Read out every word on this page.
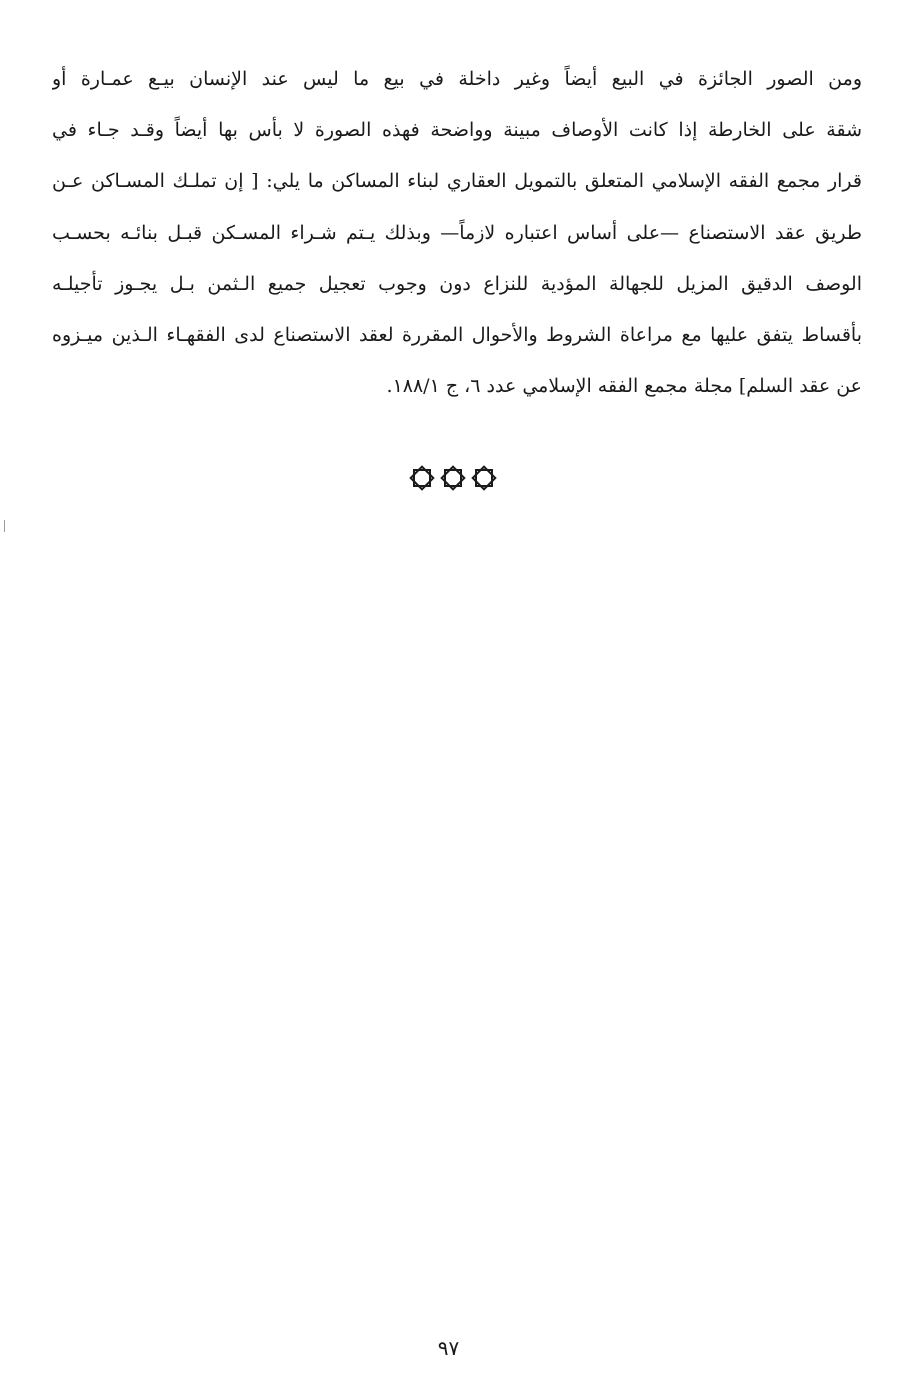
ومن الصور الجائزة في البيع أيضاً وغير داخلة في بيع ما ليس عند الإنسان بيـع عمـارة أو
شقة على الخارطة إذا كانت الأوصاف مبينة وواضحة فهذه الصورة لا بأس بها أيضاً وقـد جـاء في
قرار مجمع الفقه الإسلامي المتعلق بالتمويل العقاري لبناء المساكن ما يلي: [ إن تملـك المسـاكن عـن
طريق عقد الاستصناع —على أساس اعتباره لازماً— وبذلك يـتم شـراء المسـكن قبـل بنائـه بحسـب
الوصف الدقيق المزيل للجهالة المؤدية للنزاع دون وجوب تعجيل جميع الـثمن بـل يجـوز تأجيلـه
بأقساط يتفق عليها مع مراعاة الشروط والأحوال المقررة لعقد الاستصناع لدى الفقهـاء الـذين ميـزوه
عن عقد السلم] مجلة مجمع الفقه الإسلامي عدد ٦، ج ١٨٨/١.
٩٧
